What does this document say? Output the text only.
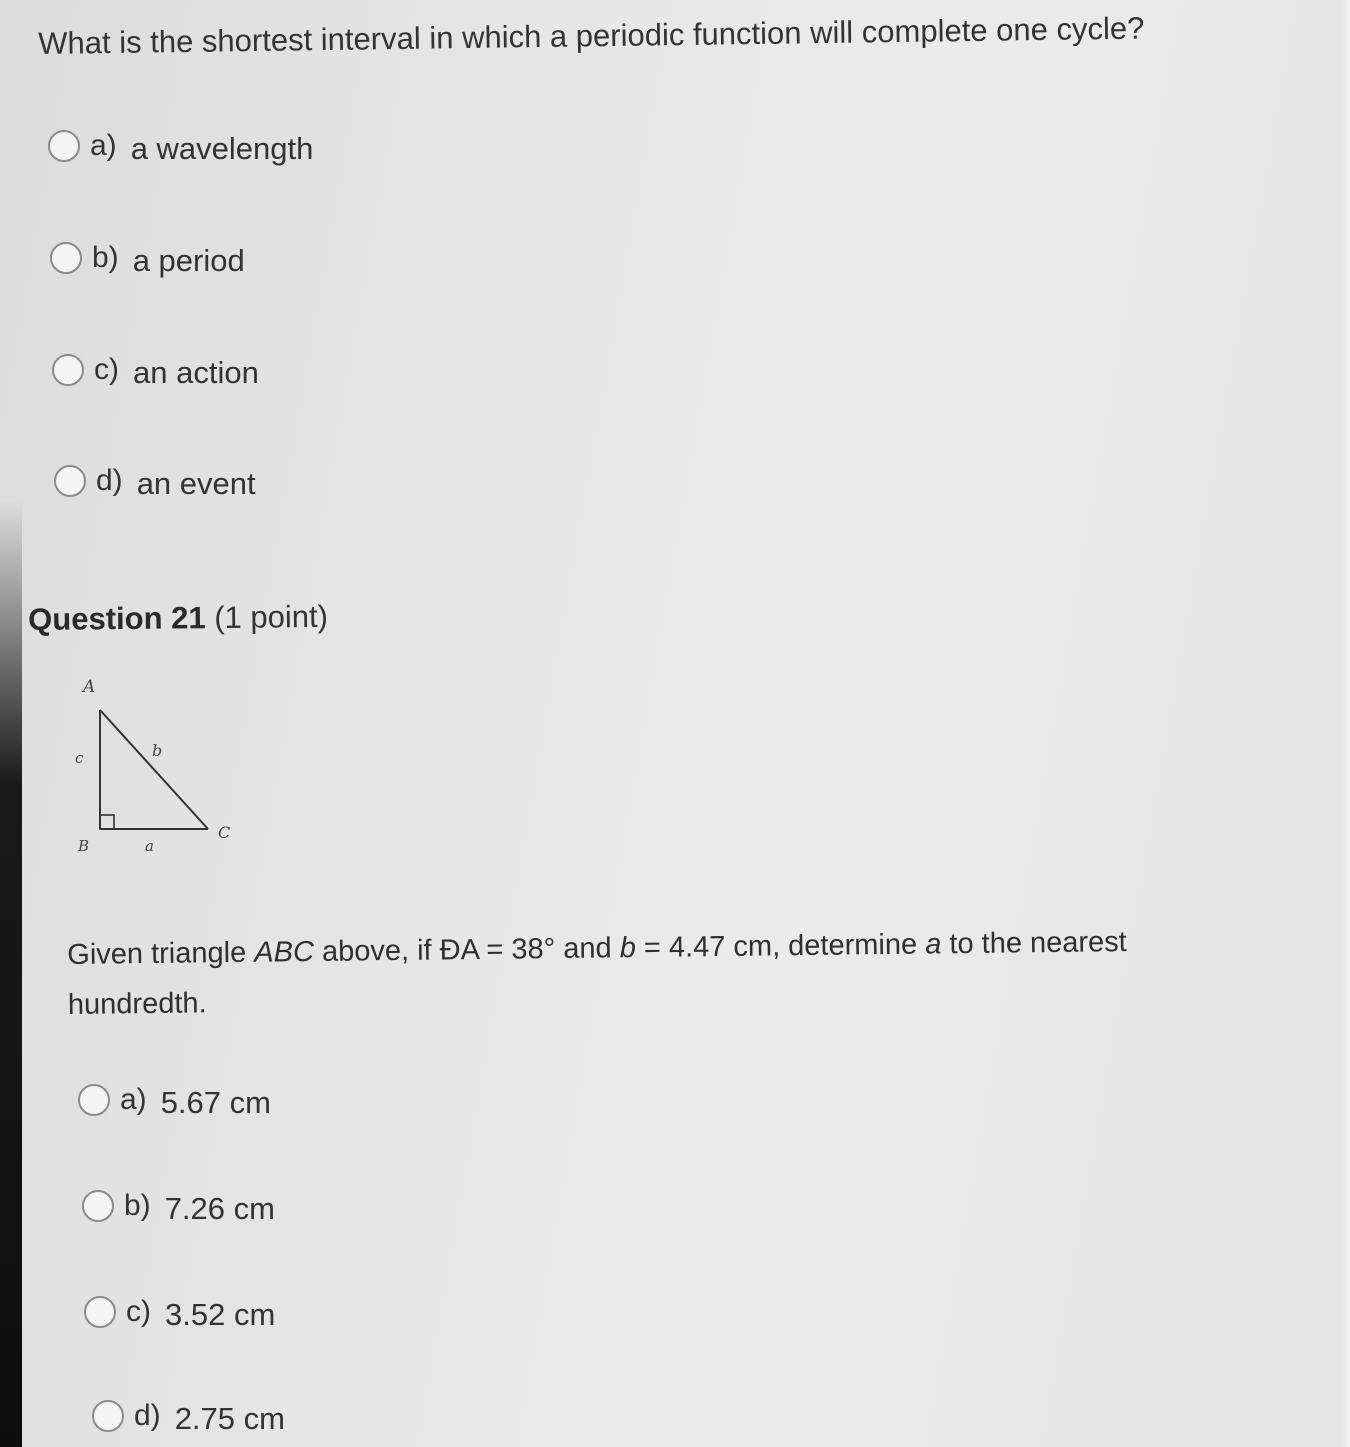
What is the shortest interval in which a periodic function will complete one cycle?
a) a wavelength
b) a period
c) an action
d) an event
Question 21 (1 point)
A
c	b
B	a
C
Given triangle ABC above, if ĐA = 38° and b = 4.47 cm, determine a to the nearest
hundredth.
a) 5.67 cm
b) 7.26 cm
c) 3.52 cm
d) 2.75 cm
